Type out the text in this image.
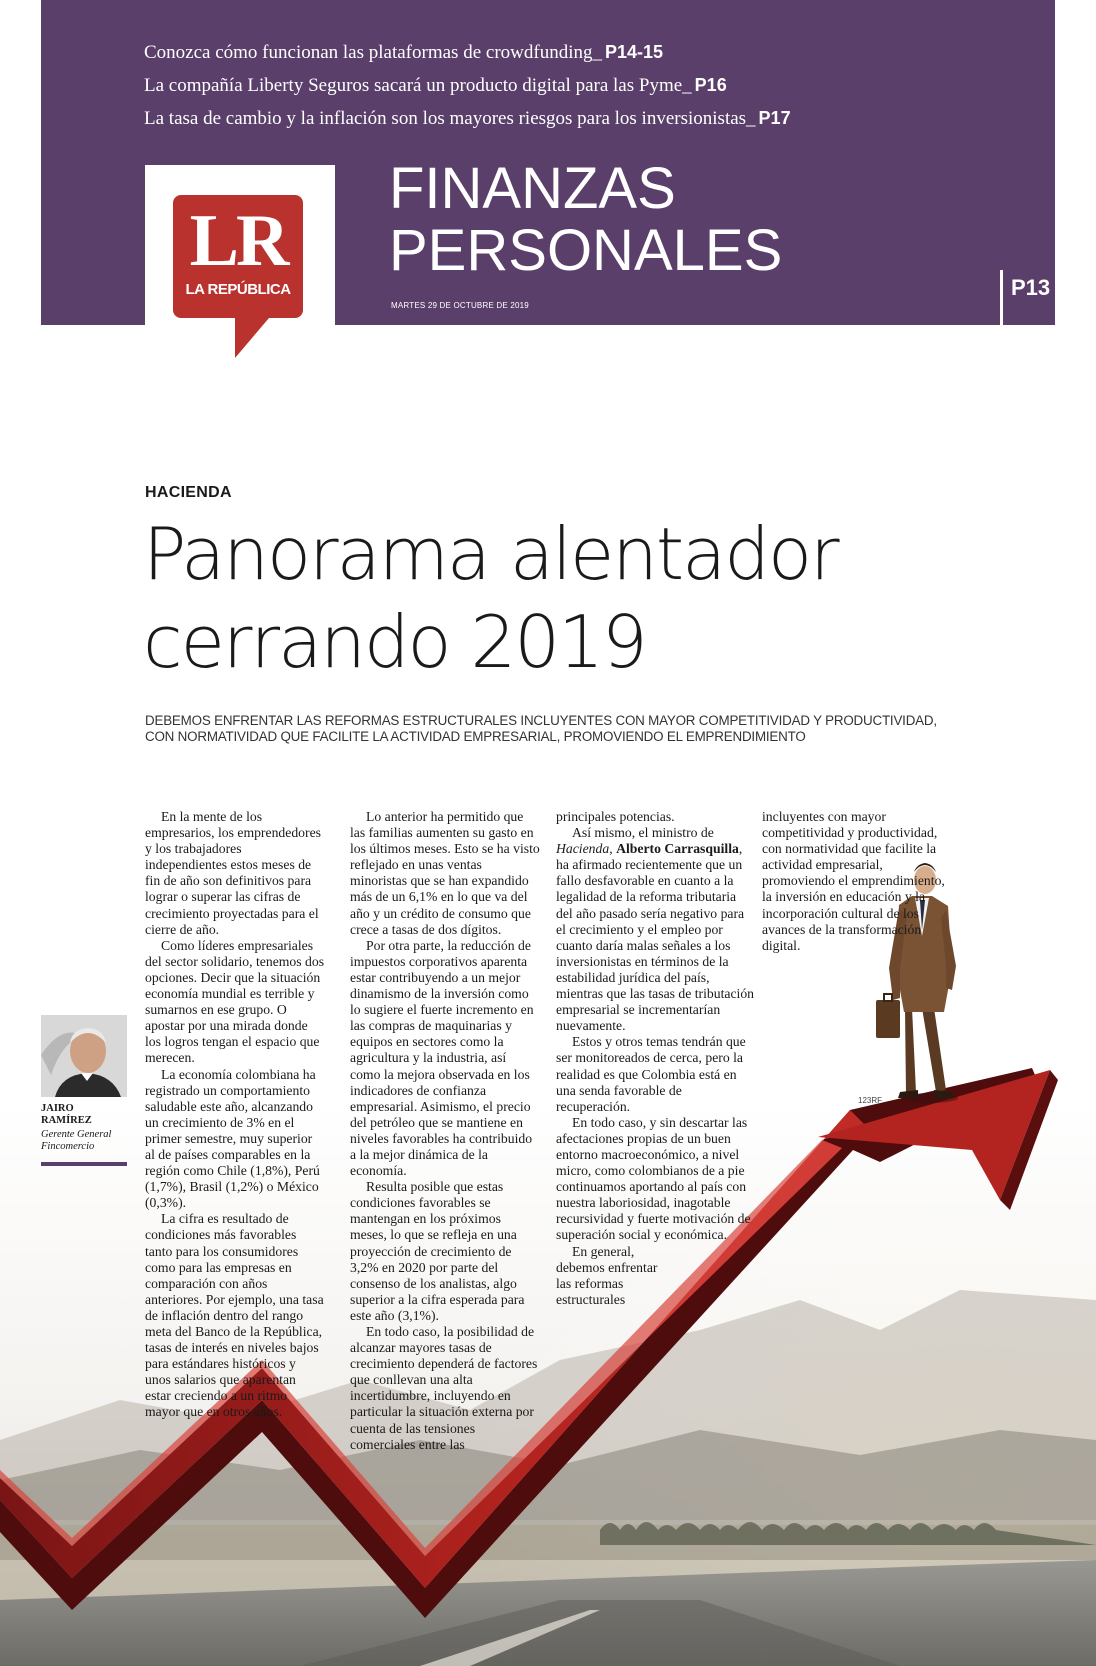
Conozca cómo funcionan las plataformas de crowdfunding_ P14-15
La compañía Liberty Seguros sacará un producto digital para las Pyme_ P16
La tasa de cambio y la inflación son los mayores riesgos para los inversionistas_ P17
LR
LA REPÚBLICA
FINANZAS
PERSONALES
MARTES 29 DE OCTUBRE DE 2019
P13
HACIENDA
Panorama alentador
cerrando 2019
DEBEMOS ENFRENTAR LAS REFORMAS ESTRUCTURALES INCLUYENTES CON MAYOR COMPETITIVIDAD Y PRODUCTIVIDAD, CON NORMATIVIDAD QUE FACILITE LA ACTIVIDAD EMPRESARIAL, PROMOVIENDO EL EMPRENDIMIENTO
JAIRO RAMÍREZ
Gerente General Fincomercio

En la mente de los empresarios, los emprendedores y los trabajadores independientes estos meses de fin de año son definitivos para lograr o superar las cifras de crecimiento proyectadas para el cierre de año.

Como líderes empresariales del sector solidario, tenemos dos opciones. Decir que la situación economía mundial es terrible y sumarnos en ese grupo. O apostar por una mirada donde los logros tengan el espacio que merecen.

La economía colombiana ha registrado un comportamiento saludable este año, alcanzando un crecimiento de 3% en el primer semestre, muy superior al de países comparables en la región como Chile (1,8%), Perú (1,7%), Brasil (1,2%) o México (0,3%).

La cifra es resultado de condiciones más favorables tanto para los consumidores como para las empresas en comparación con años anteriores. Por ejemplo, una tasa de inflación dentro del rango meta del Banco de la República, tasas de interés en niveles bajos para estándares históricos y unos salarios que aparentan estar creciendo a un ritmo mayor que en otros años.

Lo anterior ha permitido que las familias aumenten su gasto en los últimos meses. Esto se ha visto reflejado en unas ventas minoristas que se han expandido más de un 6,1% en lo que va del año y un crédito de consumo que crece a tasas de dos dígitos.

Por otra parte, la reducción de impuestos corporativos aparenta estar contribuyendo a un mejor dinamismo de la inversión como lo sugiere el fuerte incremento en las compras de maquinarias y equipos en sectores como la agricultura y la industria, así como la mejora observada en los indicadores de confianza empresarial. Asimismo, el precio del petróleo que se mantiene en niveles favorables ha contribuido a la mejor dinámica de la economía.

Resulta posible que estas condiciones favorables se mantengan en los próximos meses, lo que se refleja en una proyección de crecimiento de 3,2% en 2020 por parte del consenso de los analistas, algo superior a la cifra esperada para este año (3,1%).

En todo caso, la posibilidad de alcanzar mayores tasas de crecimiento dependerá de factores que conllevan una alta incertidumbre, incluyendo en particular la situación externa por cuenta de las tensiones comerciales entre las

principales potencias.

Así mismo, el ministro de Hacienda, Alberto Carrasquilla, ha afirmado recientemente que un fallo desfavorable en cuanto a la legalidad de la reforma tributaria del año pasado sería negativo para el crecimiento y el empleo por cuanto daría malas señales a los inversionistas en términos de la estabilidad jurídica del país, mientras que las tasas de tributación empresarial se incrementarían nuevamente.

Estos y otros temas tendrán que ser monitoreados de cerca, pero la realidad es que Colombia está en una senda favorable de recuperación.

En todo caso, y sin descartar las afectaciones propias de un buen entorno macroeconómico, a nivel micro, como colombianos de a pie continuamos aportando al país con nuestra laboriosidad, inagotable recursividad y fuerte motivación de superación social y económica.

En general, debemos enfrentar las reformas estructurales

incluyentes con mayor competitividad y productividad, con normatividad que facilite la actividad empresarial, promoviendo el emprendimiento, la inversión en educación y la incorporación cultural de los avances de la transformación digital.

123RF
